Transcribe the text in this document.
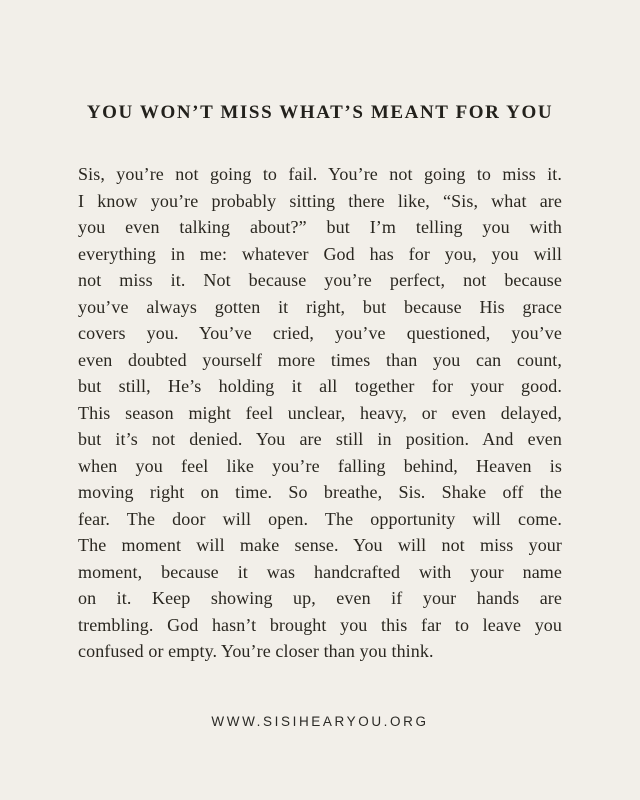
YOU WON’T MISS WHAT’S MEANT FOR YOU
Sis, you’re not going to fail. You’re not going to miss it.
I know you’re probably sitting there like, “Sis, what are
you even talking about?” but I’m telling you with
everything in me: whatever God has for you, you will
not miss it. Not because you’re perfect, not because
you’ve always gotten it right, but because His grace
covers you. You’ve cried, you’ve questioned, you’ve
even doubted yourself more times than you can count,
but still, He’s holding it all together for your good.
This season might feel unclear, heavy, or even delayed,
but it’s not denied. You are still in position. And even
when you feel like you’re falling behind, Heaven is
moving right on time. So breathe, Sis. Shake off the
fear. The door will open. The opportunity will come.
The moment will make sense. You will not miss your
moment, because it was handcrafted with your name
on it. Keep showing up, even if your hands are
trembling. God hasn’t brought you this far to leave you
confused or empty. You’re closer than you think.
WWW.SISIHEARYOU.ORG
